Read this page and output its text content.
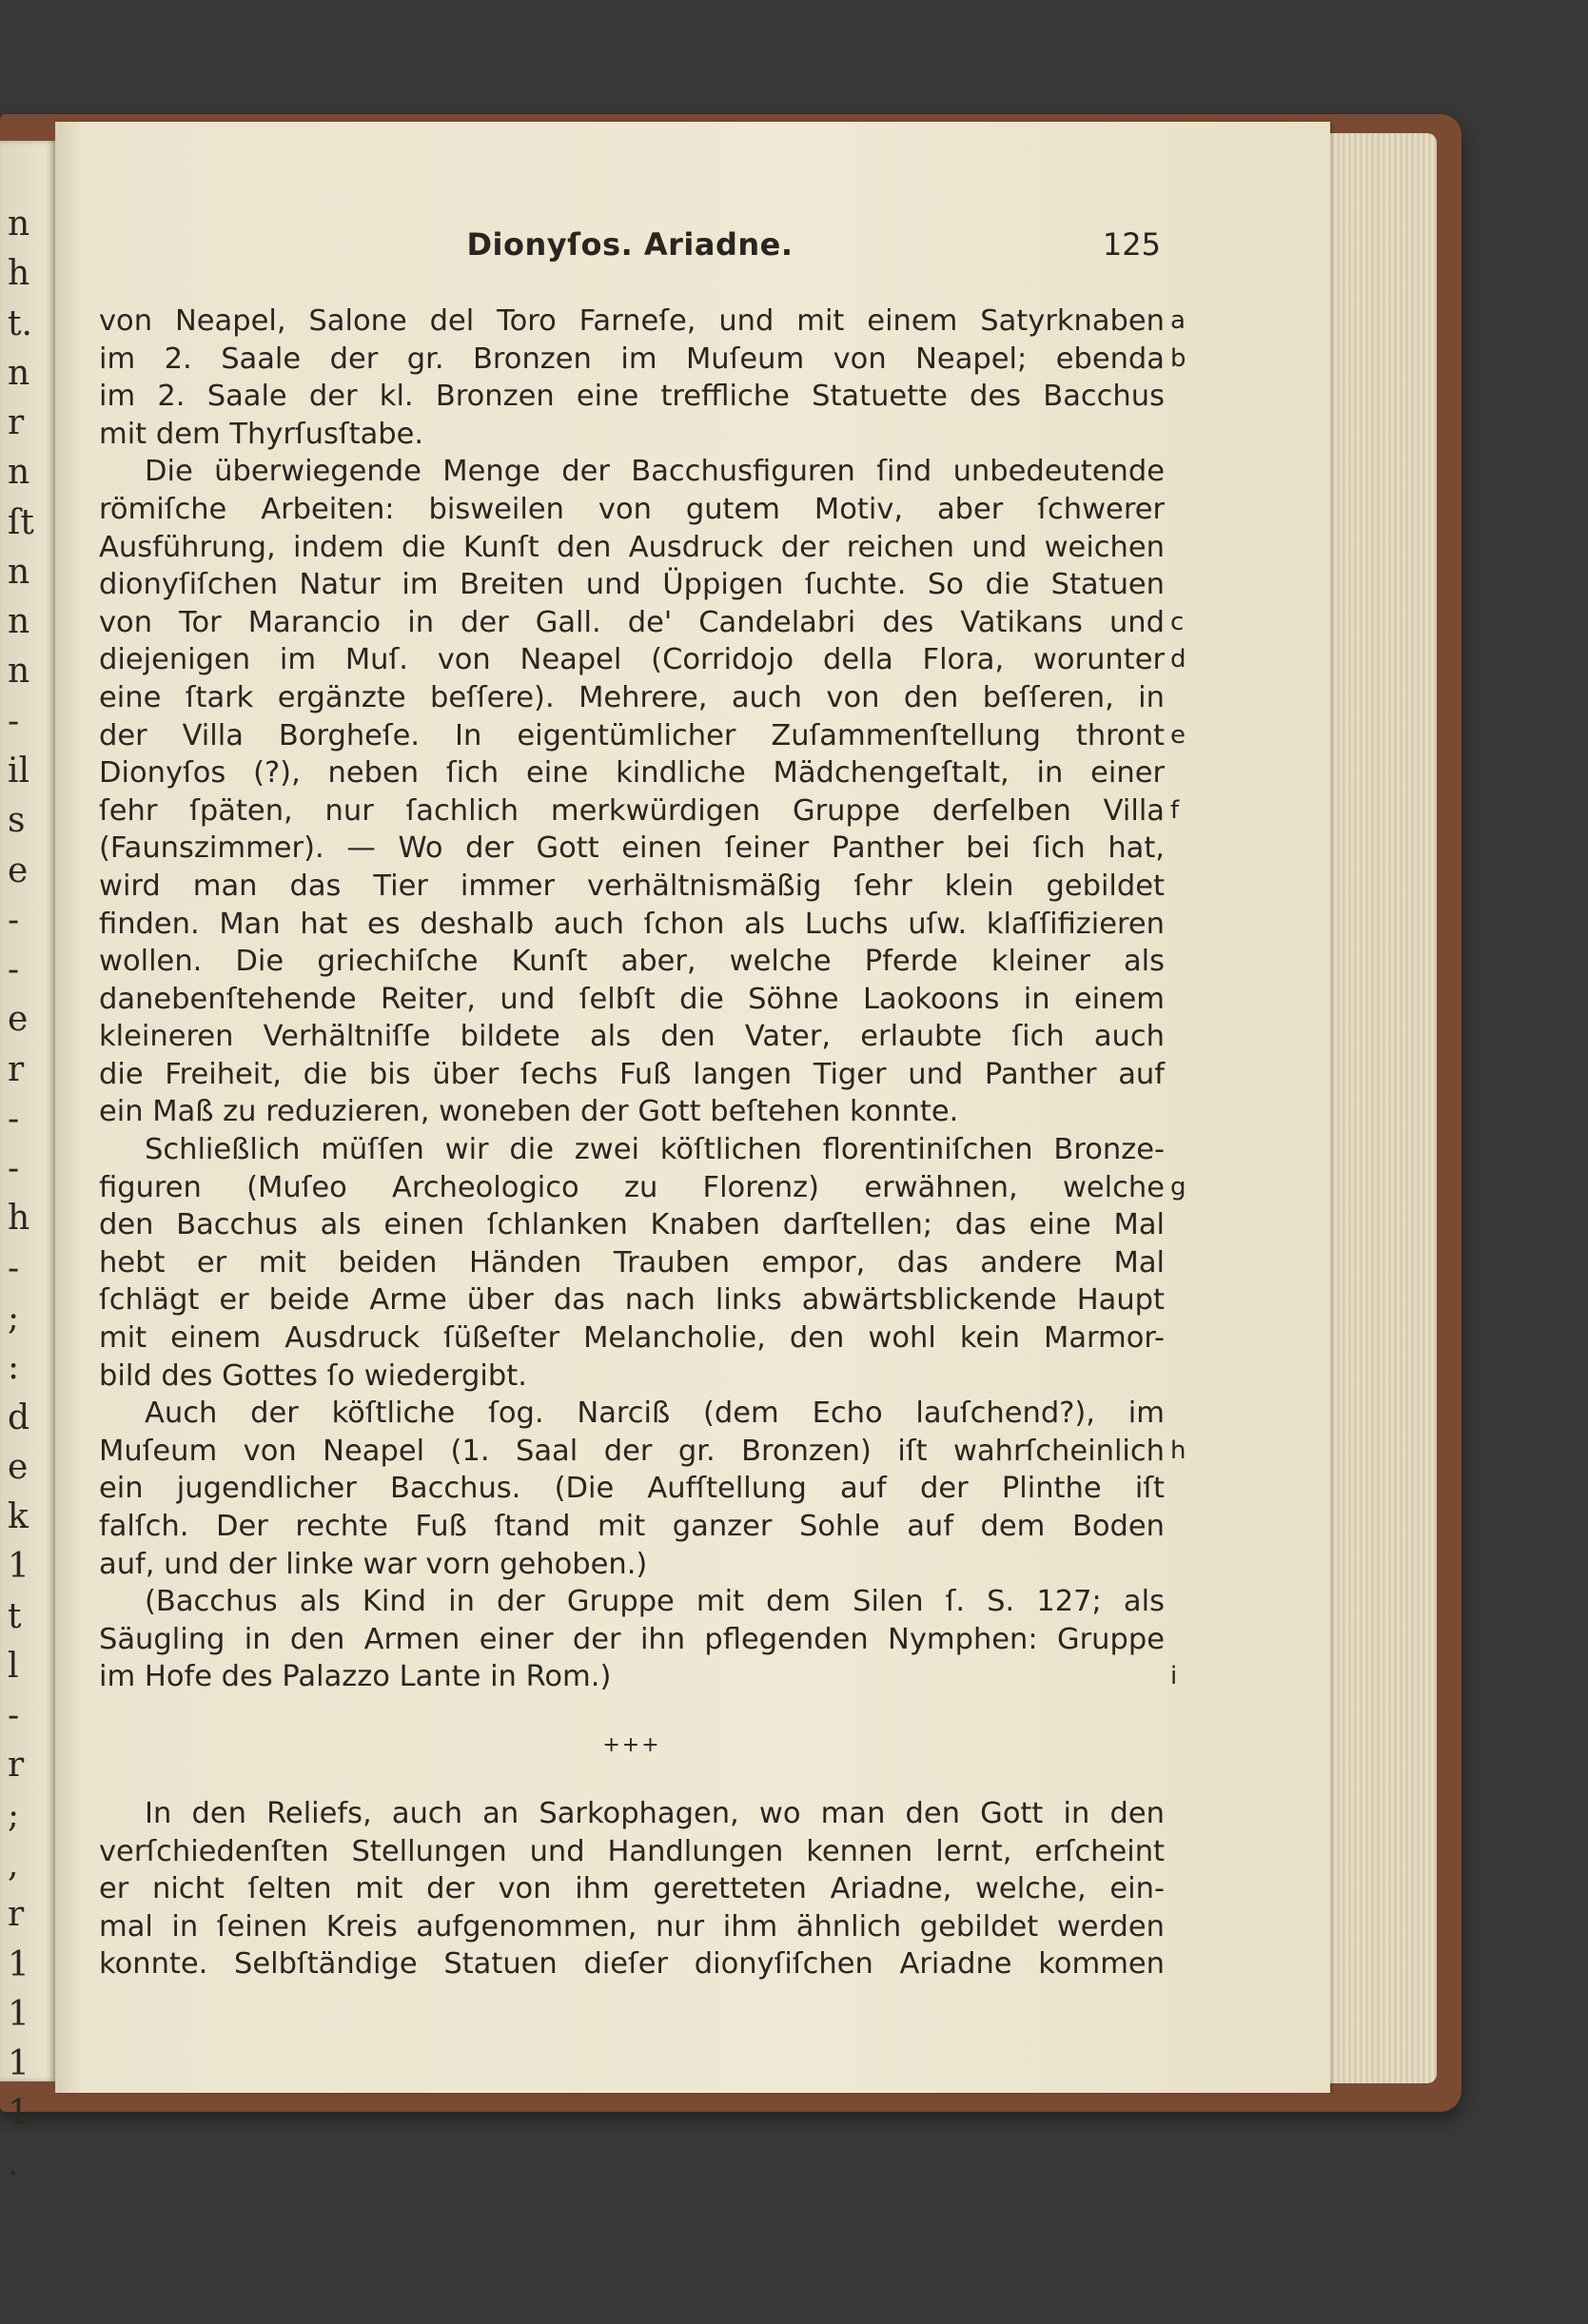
n
h
t.
n
r
n
ſt
n
n
n
-
il
s
e
-
-
e
r
-
-
h
-
;
:
d
e
k
1
t
l
-
r
;
,
r
1
1
1
1
.
Dionyſos. Ariadne.	125
von Neapel, Salone del Toro Farneſe, und mit einem Satyrknaben a
im 2. Saale der gr. Bronzen im Muſeum von Neapel; ebenda b
im 2. Saale der kl. Bronzen eine treffliche Statuette des Bacchus
mit dem Thyrſusſtabe.
Die überwiegende Menge der Bacchusfiguren ſind unbedeutende
römiſche Arbeiten: bisweilen von gutem Motiv, aber ſchwerer
Ausführung, indem die Kunſt den Ausdruck der reichen und weichen
dionyſiſchen Natur im Breiten und Üppigen ſuchte. So die Statuen
von Tor Marancio in der Gall. de' Candelabri des Vatikans und c
diejenigen im Muſ. von Neapel (Corridojo della Flora, worunter d
eine ſtark ergänzte beſſere). Mehrere, auch von den beſſeren, in
der Villa Borgheſe. In eigentümlicher Zuſammenſtellung thront e
Dionyſos (?), neben ſich eine kindliche Mädchengeſtalt, in einer
ſehr ſpäten, nur ſachlich merkwürdigen Gruppe derſelben Villa f
(Faunszimmer). — Wo der Gott einen ſeiner Panther bei ſich hat,
wird man das Tier immer verhältnismäßig ſehr klein gebildet
finden. Man hat es deshalb auch ſchon als Luchs uſw. klaſſifizieren
wollen. Die griechiſche Kunſt aber, welche Pferde kleiner als
danebenſtehende Reiter, und ſelbſt die Söhne Laokoons in einem
kleineren Verhältniſſe bildete als den Vater, erlaubte ſich auch
die Freiheit, die bis über ſechs Fuß langen Tiger und Panther auf
ein Maß zu reduzieren, woneben der Gott beſtehen konnte.
Schließlich müſſen wir die zwei köſtlichen florentiniſchen Bronze-
figuren (Muſeo Archeologico zu Florenz) erwähnen, welche g
den Bacchus als einen ſchlanken Knaben darſtellen; das eine Mal
hebt er mit beiden Händen Trauben empor, das andere Mal
ſchlägt er beide Arme über das nach links abwärtsblickende Haupt
mit einem Ausdruck ſüßeſter Melancholie, den wohl kein Marmor-
bild des Gottes ſo wiedergibt.
Auch der köſtliche ſog. Narciß (dem Echo lauſchend?), im
Muſeum von Neapel (1. Saal der gr. Bronzen) iſt wahrſcheinlich h
ein jugendlicher Bacchus. (Die Aufſtellung auf der Plinthe iſt
falſch. Der rechte Fuß ſtand mit ganzer Sohle auf dem Boden
auf, und der linke war vorn gehoben.)
(Bacchus als Kind in der Gruppe mit dem Silen ſ. S. 127; als
Säugling in den Armen einer der ihn pflegenden Nymphen: Gruppe
im Hofe des Palazzo Lante in Rom.)	i
+++
In den Reliefs, auch an Sarkophagen, wo man den Gott in den
verſchiedenſten Stellungen und Handlungen kennen lernt, erſcheint
er nicht ſelten mit der von ihm geretteten Ariadne, welche, ein-
mal in ſeinen Kreis aufgenommen, nur ihm ähnlich gebildet werden
konnte. Selbſtändige Statuen dieſer dionyſiſchen Ariadne kommen
